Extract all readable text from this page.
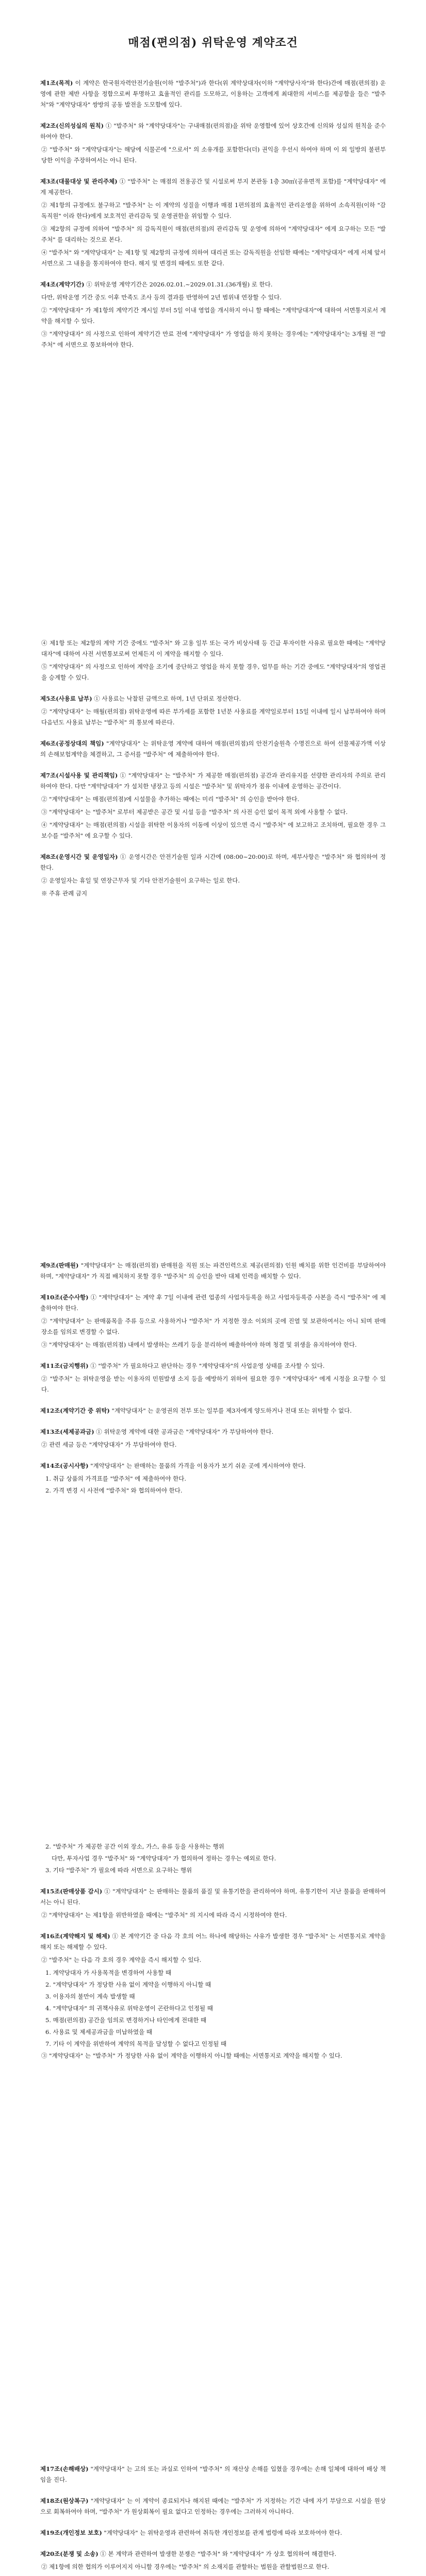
매점(편의점) 위탁운영 계약조건

제1조(목적) 이 계약은 한국원자력안전기술원(이하 "발주처")과 한다(위 계약상대자(이하 "계약당사자"와 한다)간에 매점(편의점) 운영에 관한 제반 사항을 정함으로써 투명하고 효율적인 관리를 도모하고, 이용하는 고객에게 최대한의 서비스를 제공함을 들은 "발주처"와 "계약당대자" 쌍방의 공동 발전을 도모함에 있다.

제2조(신의성실의 원칙) ① "발주처" 와 "계약당대자"는 구내매점(편의점)을 위탁 운영함에 있어 상호간에 신의와 성실의 원칙을 준수하여야 한다.

② "발주처" 와 "계약당대자"는 해당에 식물곤에 "으로서" 의 소유개를 포함한다(더) 권익을 우선시 하여야 하며 이 외 일방의 불편부당한 이익을 주장하여서는 아니 된다.

제3조(대물대상 및 관리주체) ① "발주처" 는 매점의 전용공간 및 시설로써 부지 본관동 1층 30㎡(공유면적 포함)를 "계약당대자" 에게 제공한다.

② 제1항의 규정에도 불구하고 "발주처" 는 이 계약의 성질을 이행과 매점 1편의점의 효율적인 관리운영을 위하여 소속직원(이하 "감독직원" 이라 한다)에게 보호적인 관리감독 및 운영권한을 위임할 수 있다.

③ 제2항의 규정에 의하여 "발주처" 의 감독직원이 매점(편의점)의 관리감독 및 운영에 의하여 "계약당대자" 에게 요구하는 모든 "발주처" 를 대리하는 것으로 본다.

④ "발주처" 와 "계약당대자" 는 제1항 및 제2항의 규정에 의하여 대리권 또는 감독직원을 선임한 때에는 "계약당대자" 에게 서체 앞서 서면으로 그 내용을 통지하여야 한다. 해지 및 변경의 때에도 또한 같다.

제4조(계약기간) ① 위탁운영 계약기간은 2026.02.01.~2029.01.31.(36개월) 로 한다.

다만, 위탁운영 기간 중도 이후 만족도 조사 등의 결과를 반영하여 2년 범위내 연장할 수 있다.

② "계약당대자" 가 제1항의 계약기간 계시일 부터 5일 이내 영업을 개시하지 아니 할 때에는 "계약당대자"에 대하여 서면통지로서 계약을 해지할 수 있다.

③ "계약당대자" 의 사정으로 인하여 계약기간 만료 전에 "계약당대자" 가 영업을 하지 못하는 경우에는 "계약당대자"는 3개월 전 "발주처" 에 서면으로 통보하여야 한다.

④ 제1항 또는 제2항의 계약 기간 중에도 "발주처" 와 고용 일부 또는 국가 비상사태 등 긴급 투자이한 사유로 필요한 때에는 "계약당대자"에 대하여 사전 서면통보로써 언제든지 이 계약을 해지할 수 있다.

⑤ "계약당대자" 의 사정으로 인하여 계약을 조기에 중단하고 영업을 하지 못할 경우, 업무를 하는 기간 중에도 "계약당대자"의 영업권을 승계할 수 있다.

제5조(사용료 납부) ① 사용료는 낙찰된 금액으로 하며, 1년 단위로 정산한다.

② "계약당대자" 는 매월(편의점) 위탁운영에 따른 부가세를 포함한 1년분 사용료를 계약일로부터 15일 이내에 일시 납부하여야 하며 다음년도 사용료 납부는 "발주처" 의 통보에 따른다.

제6조(공정상대의 책임) "계약당대자" 는 위탁운영 계약에 대하여 매점(편의점)의 안전기술원측 수명진으로 하여 선물제공가액 이상의 손해보험계약을 체결하고, 그 증서를 "발주처" 에 제출하여야 한다.

제7조(시설사용 및 관리책임) ① "계약당대자" 는 "발주처" 가 제공한 매점(편의점) 공간과 관리유지를 선량한 관리자의 주의로 관리하여야 한다. 다만 "계약당대자" 가 설치한 냉장고 등의 시설은 "발주처" 및 위탁자가 점유 이내에 운영하는 공간이다.

② "계약당대자" 는 매점(편의점)에 시설물을 추가하는 때에는 미리 "발주처" 의 승인을 받아야 한다.

③ "계약당대자" 는 "발주처" 로부터 제공받은 공간 및 시설 등을 "발주처" 의 사전 승인 없이 목적 외에 사용할 수 없다.

④ "계약당대자" 는 매점(편의점) 시설을 위탁한 이용자의 이동에 이상이 있으면 즉시 "발주처" 에 보고하고 조치하며, 필요한 경우 그 보수를 "발주처" 에 요구할 수 있다.

제8조(운영시간 및 운영일자) ① 운영시간은 안전기술원 일과 시간에 (08:00~20:00)로 하며, 세부사항은 "발주처" 와 협의하여 정한다.

② 운영일자는 휴일 및 연장근무자 및 기타 안전기술원이 요구하는 일로 한다.

※ 주휴 관례 금지

제9조(판매원) "계약당대자" 는 매점(편의점) 판매원을 직원 또는 파견인력으로 제공(편의점) 인원 배치를 위한 인건비를 부담하여야 하며, "계약당대자" 가 직접 배치하지 못할 경우 "발주처" 의 승인을 받아 대체 인력을 배치할 수 있다.

제10조(준수사항) ① "계약당대자" 는 계약 후 7일 이내에 관련 업종의 사업자등록을 하고 사업자등록증 사본을 즉시 "발주처" 에 제출하여야 한다.

② "계약당대자" 는 판매품목을 주류 등으로 사용하거나 "발주처" 가 지정한 장소 이외의 곳에 진열 및 보관하여서는 아니 되며 판매 장소를 임의로 변경할 수 없다.

③ "계약당대자" 는 매점(편의점) 내에서 발생하는 쓰레기 등을 분리하여 배출하여야 하며 청결 및 위생을 유지하여야 한다.

제11조(금지행위) ① "발주처" 가 필요하다고 판단하는 경우 "계약당대자"의 사업운영 상태를 조사할 수 있다.

② "발주처" 는 위탁운영을 받는 이용자의 민원발생 소지 등을 예방하기 위하여 필요한 경우 "계약당대자" 에게 시정을 요구할 수 있다.

제12조(계약기간 중 위탁) "계약당대자" 는 운영권의 전부 또는 일부를 제3자에게 양도하거나 전대 또는 위탁할 수 없다.

제13조(세제공과금) ① 위탁운영 계약에 대한 공과금은 "계약당대자" 가 부담하여야 한다.

② 관련 세금 등은 "계약당대자" 가 부담하여야 한다.

제14조(공시사항) "계약당대자" 는 판매하는 물품의 가격을 이용자가 보기 쉬운 곳에 게시하여야 한다.

1. 취급 상품의 가격표를 "발주처" 에 제출하여야 한다.

2. 가격 변경 시 사전에 "발주처" 와 협의하여야 한다.

2. "발주처" 가 제공한 공간 이외 장소, 가스, 유류 등을 사용하는 행위

다만, 투자사업 경우 "발주처" 와 "계약당대자" 가 협의하여 정하는 경우는 예외로 한다.

3. 기타 "발주처" 가 필요에 따라 서면으로 요구하는 행위

제15조(판매상품 감시) ① "계약당대자" 는 판매하는 물품의 품질 및 유통기한을 관리하여야 하며, 유통기한이 지난 물품을 판매하여서는 아니 된다.

② "계약당대자" 는 제1항을 위반하였을 때에는 "발주처" 의 지시에 따라 즉시 시정하여야 한다.

제16조(계약해지 및 해제) ① 본 계약기간 중 다음 각 호의 어느 하나에 해당하는 사유가 발생한 경우 "발주처" 는 서면통지로 계약을 해지 또는 해제할 수 있다.

② "발주처" 는 다음 각 호의 경우 계약을 즉시 해지할 수 있다.

1. 계약당대자 가 사용목적을 변경하여 사용할 때

2. "계약당대자" 가 정당한 사유 없이 계약을 이행하지 아니할 때

3. 이용자의 불만이 계속 발생할 때

4. "계약당대자" 의 귀책사유로 위탁운영이 곤란하다고 인정될 때

5. 매점(편의점) 공간을 임의로 변경하거나 타인에게 전대한 때

6. 사용료 및 제세공과금을 미납하였을 때

7. 기타 이 계약을 위반하여 계약의 목적을 달성할 수 없다고 인정될 때

③ "계약당대자" 는 "발주처" 가 정당한 사유 없이 계약을 이행하지 아니할 때에는 서면통지로 계약을 해지할 수 있다.

제17조(손해배상) "계약당대자" 는 고의 또는 과실로 인하여 "발주처" 의 재산상 손해를 입혔을 경우에는 손해 일체에 대하여 배상 책임을 진다.

제18조(원상복구) "계약당대자" 는 이 계약이 종료되거나 해지된 때에는 "발주처" 가 지정하는 기간 내에 자기 부담으로 시설을 원상으로 회복하여야 하며, "발주처" 가 원상회복이 필요 없다고 인정하는 경우에는 그러하지 아니하다.

제19조(개인정보 보호) "계약당대자" 는 위탁운영과 관련하여 취득한 개인정보를 관계 법령에 따라 보호하여야 한다.

제20조(분쟁 및 소송) ① 본 계약과 관련하여 발생한 분쟁은 "발주처" 와 "계약당대자" 가 상호 협의하여 해결한다.

② 제1항에 의한 협의가 이루어지지 아니할 경우에는 "발주처" 의 소재지를 관할하는 법원을 관할법원으로 한다.
